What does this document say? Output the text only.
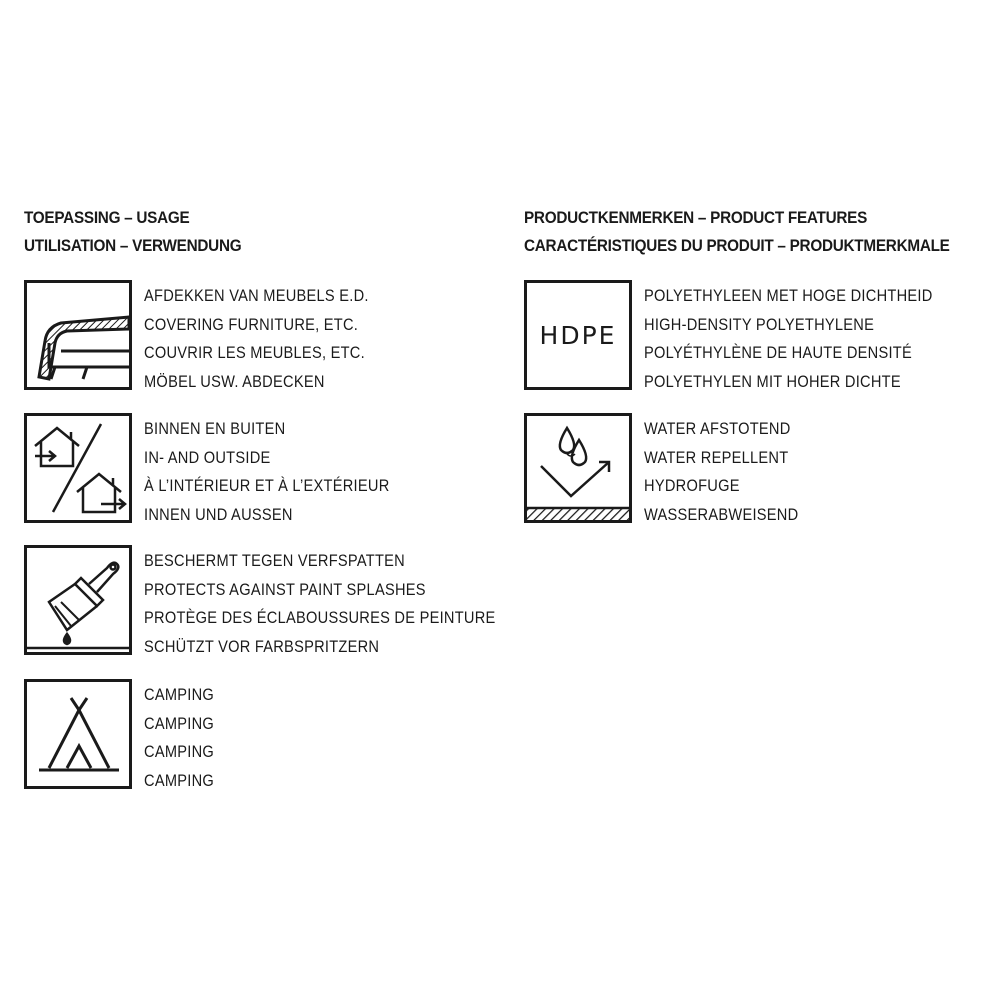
TOEPASSING – USAGE
UTILISATION – VERWENDUNG
AFDEKKEN VAN MEUBELS E.D.
COVERING FURNITURE, ETC.
COUVRIR LES MEUBLES, ETC.
MÖBEL USW. ABDECKEN
BINNEN EN BUITEN
IN- AND OUTSIDE
À L’INTÉRIEUR ET À L’EXTÉRIEUR
INNEN UND AUSSEN
BESCHERMT TEGEN VERFSPATTEN
PROTECTS AGAINST PAINT SPLASHES
PROTÈGE DES ÉCLABOUSSURES DE PEINTURE
SCHÜTZT VOR FARBSPRITZERN
CAMPING
CAMPING
CAMPING
CAMPING
PRODUCTKENMERKEN – PRODUCT FEATURES
CARACTÉRISTIQUES DU PRODUIT – PRODUKTMERKMALE
HDPE
POLYETHYLEEN MET HOGE DICHTHEID
HIGH-DENSITY POLYETHYLENE
POLYÉTHYLÈNE DE HAUTE DENSITÉ
POLYETHYLEN MIT HOHER DICHTE
WATER AFSTOTEND
WATER REPELLENT
HYDROFUGE
WASSERABWEISEND
